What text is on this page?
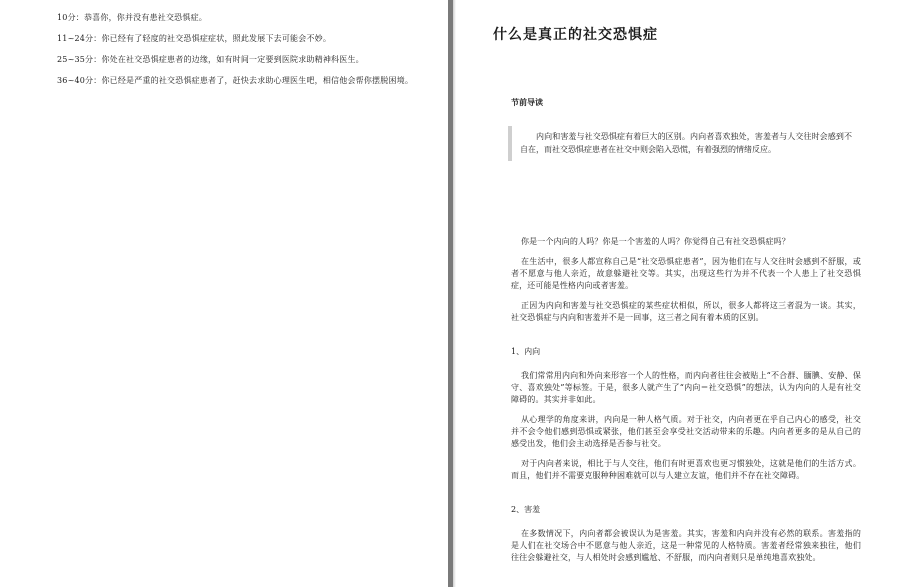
10分：恭喜你，你并没有患社交恐惧症。

11~24分：你已经有了轻度的社交恐惧症症状，照此发展下去可能会不妙。

25~35分：你处在社交恐惧症患者的边缘，如有时间一定要到医院求助精神科医生。

36~40分：你已经是严重的社交恐惧症患者了，赶快去求助心理医生吧，相信他会帮你摆脱困境。

什么是真正的社交恐惧症

节前导读

内向和害羞与社交恐惧症有着巨大的区别。内向者喜欢独处，害羞者与人交往时会感到不自在，而社交恐惧症患者在社交中则会陷入恐慌，有着强烈的情绪反应。

你是一个内向的人吗？你是一个害羞的人吗？你觉得自己有社交恐惧症吗？

在生活中，很多人都宣称自己是“社交恐惧症患者”，因为他们在与人交往时会感到不舒服，或者不愿意与他人亲近，故意躲避社交等。其实，出现这些行为并不代表一个人患上了社交恐惧症，还可能是性格内向或者害羞。

正因为内向和害羞与社交恐惧症的某些症状相似，所以，很多人都将这三者混为一谈。其实，社交恐惧症与内向和害羞并不是一回事，这三者之间有着本质的区别。

1、内向

我们常常用内向和外向来形容一个人的性格，而内向者往往会被贴上“不合群、腼腆、安静、保守、喜欢独处”等标签。于是，很多人就产生了“内向＝社交恐惧”的想法，认为内向的人是有社交障碍的。其实并非如此。

从心理学的角度来讲，内向是一种人格气质。对于社交，内向者更在乎自己内心的感受，社交并不会令他们感到恐惧或紧张，他们甚至会享受社交活动带来的乐趣。内向者更多的是从自己的感受出发，他们会主动选择是否参与社交。

对于内向者来说，相比于与人交往，他们有时更喜欢也更习惯独处，这就是他们的生活方式。而且，他们并不需要克服种种困难就可以与人建立友谊，他们并不存在社交障碍。

2、害羞

在多数情况下，内向者都会被误认为是害羞。其实，害羞和内向并没有必然的联系。害羞指的是人们在社交场合中不愿意与他人亲近，这是一种常见的人格特质。害羞者经常独来独往，他们往往会躲避社交，与人相处时会感到尴尬、不舒服，而内向者则只是单纯地喜欢独处。
